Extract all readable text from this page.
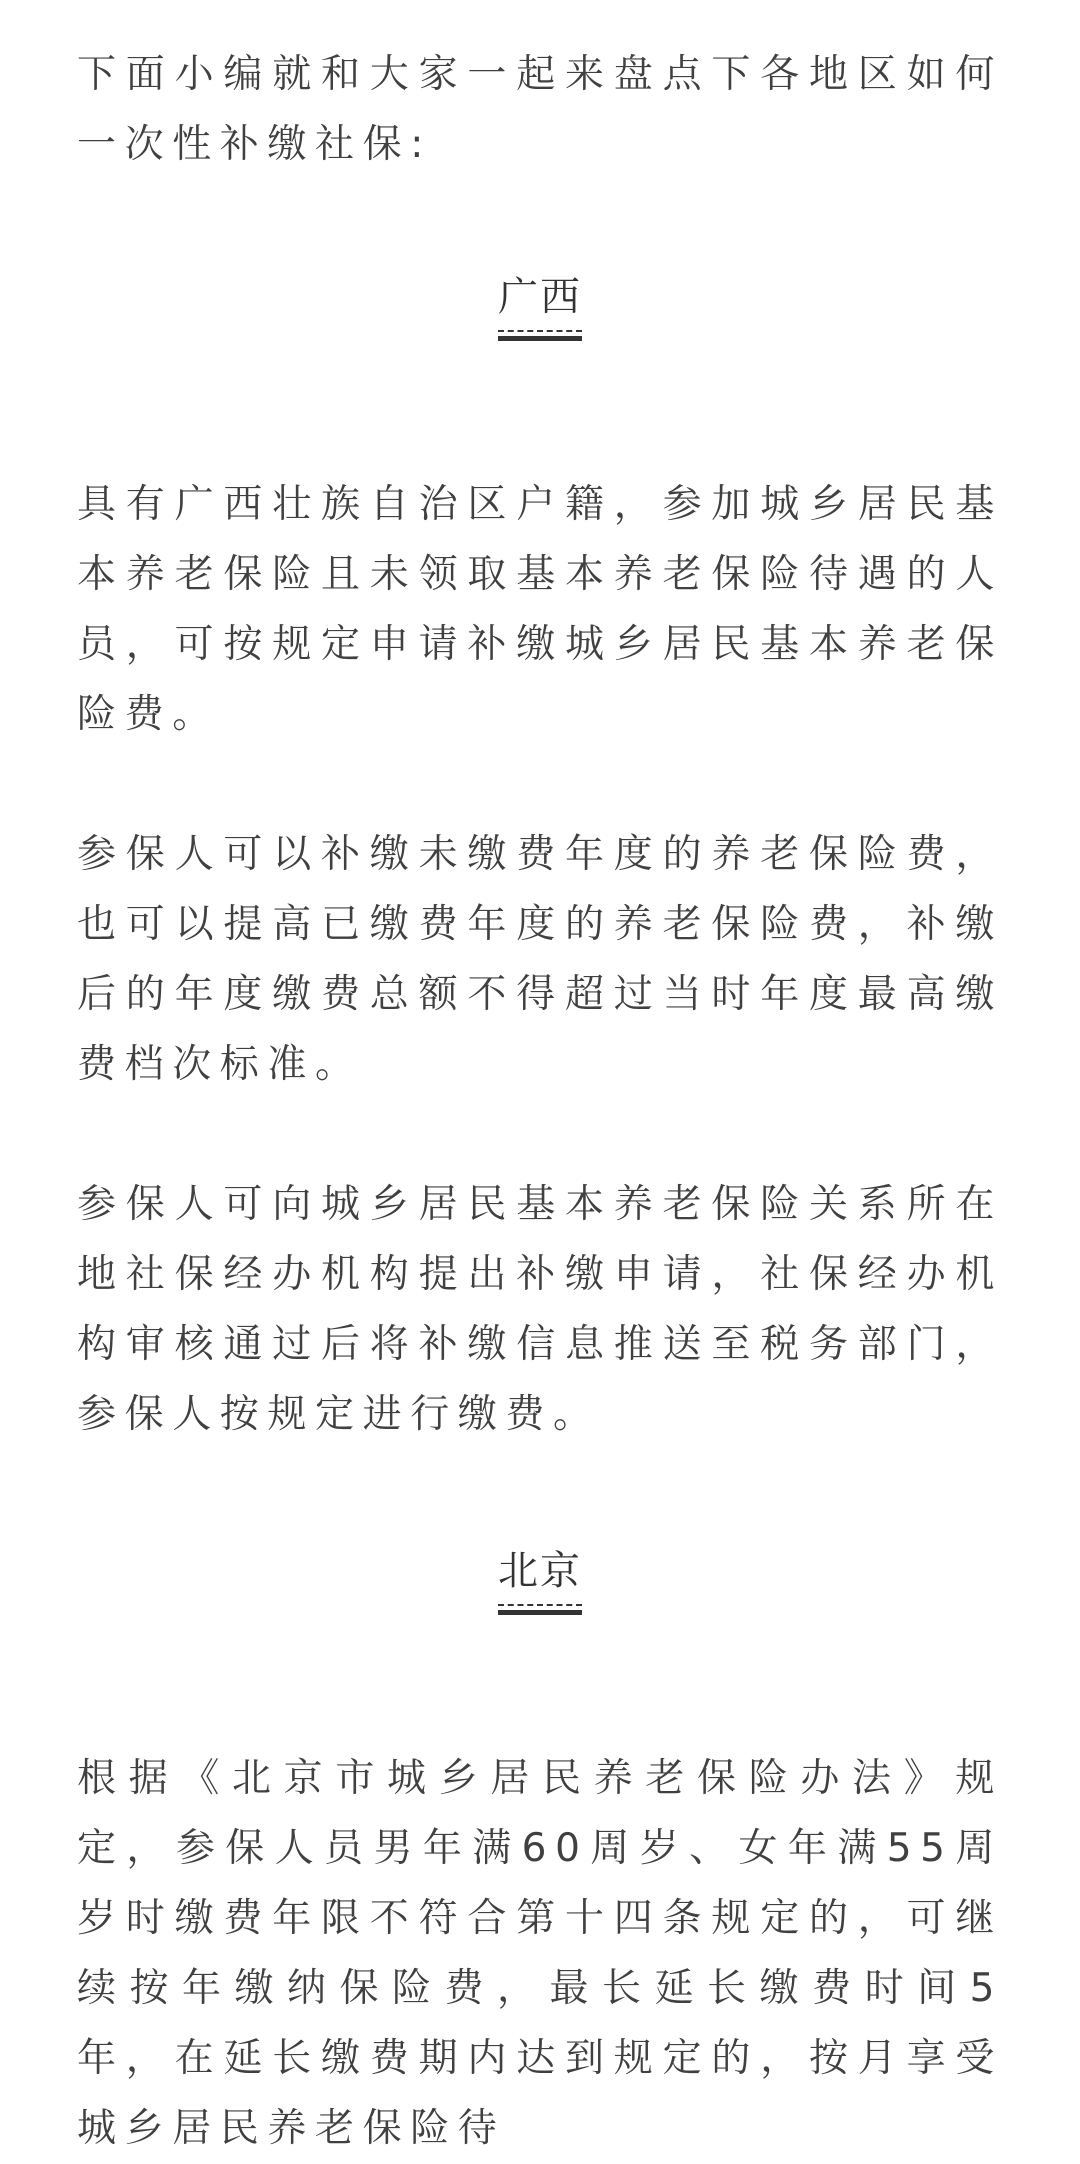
下面小编就和大家一起来盘点下各地区如何一次性补缴社保:

广西

具有广西壮族自治区户籍，参加城乡居民基本养老保险且未领取基本养老保险待遇的人员，可按规定申请补缴城乡居民基本养老保险费。

参保人可以补缴未缴费年度的养老保险费，也可以提高已缴费年度的养老保险费，补缴后的年度缴费总额不得超过当时年度最高缴费档次标准。

参保人可向城乡居民基本养老保险关系所在地社保经办机构提出补缴申请，社保经办机构审核通过后将补缴信息推送至税务部门，参保人按规定进行缴费。

北京

根据《北京市城乡居民养老保险办法》规定，参保人员男年满60周岁、女年满55周岁时缴费年限不符合第十四条规定的，可继续按年缴纳保险费，最长延长缴费时间5年，在延长缴费期内达到规定的，按月享受城乡居民养老保险待
